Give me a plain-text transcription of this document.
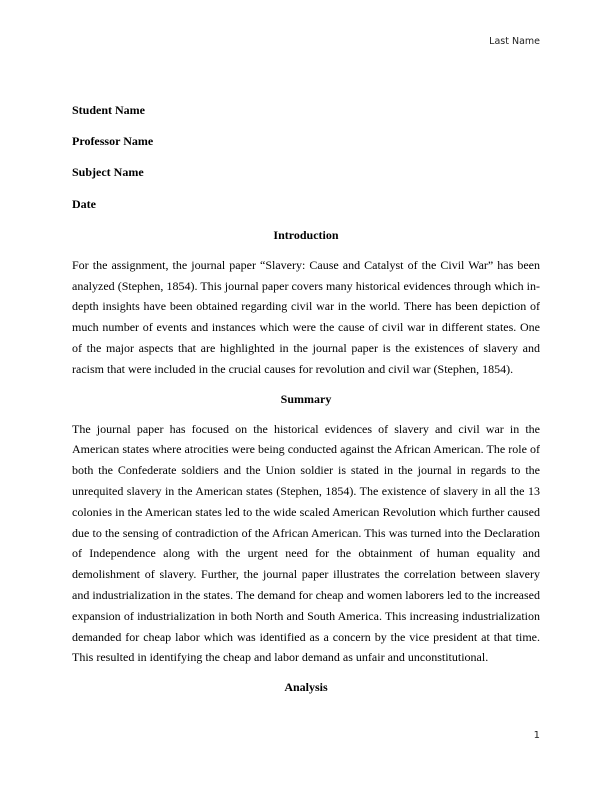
Last Name
Student Name
Professor Name
Subject Name
Date
Introduction

For the assignment, the journal paper “Slavery: Cause and Catalyst of the Civil War” has been analyzed (Stephen, 1854). This journal paper covers many historical evidences through which in-depth insights have been obtained regarding civil war in the world. There has been depiction of much number of events and instances which were the cause of civil war in different states. One of the major aspects that are highlighted in the journal paper is the existences of slavery and racism that were included in the crucial causes for revolution and civil war (Stephen, 1854).

Summary

The journal paper has focused on the historical evidences of slavery and civil war in the American states where atrocities were being conducted against the African American. The role of both the Confederate soldiers and the Union soldier is stated in the journal in regards to the unrequited slavery in the American states (Stephen, 1854). The existence of slavery in all the 13 colonies in the American states led to the wide scaled American Revolution which further caused due to the sensing of contradiction of the African American. This was turned into the Declaration of Independence along with the urgent need for the obtainment of human equality and demolishment of slavery. Further, the journal paper illustrates the correlation between slavery and industrialization in the states. The demand for cheap and women laborers led to the increased expansion of industrialization in both North and South America. This increasing industrialization demanded for cheap labor which was identified as a concern by the vice president at that time. This resulted in identifying the cheap and labor demand as unfair and unconstitutional.

Analysis
1
